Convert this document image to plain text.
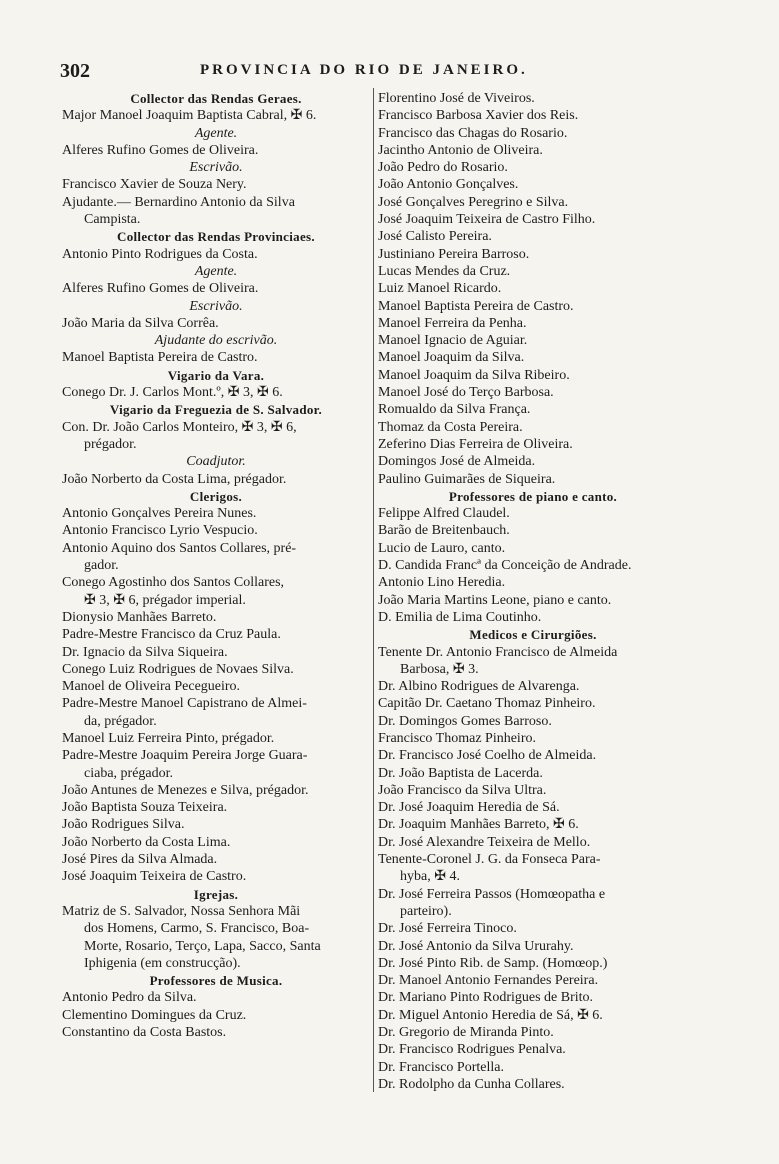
302	PROVINCIA DO RIO DE JANEIRO.
Collector das Rendas Geraes.
Major Manoel Joaquim Baptista Cabral, ✠ 6.
Agente.
Alferes Rufino Gomes de Oliveira.
Escrivão.
Francisco Xavier de Souza Nery.
Ajudante.— Bernardino Antonio da Silva
Campista.
Collector das Rendas Provinciaes.
Antonio Pinto Rodrigues da Costa.
Agente.
Alferes Rufino Gomes de Oliveira.
Escrivão.
João Maria da Silva Corrêa.
Ajudante do escrivão.
Manoel Baptista Pereira de Castro.
Vigario da Vara.
Conego Dr. J. Carlos Mont.º, ✠ 3, ✠ 6.
Vigario da Freguezia de S. Salvador.
Con. Dr. João Carlos Monteiro, ✠ 3, ✠ 6,
prégador.
Coadjutor.
João Norberto da Costa Lima, prégador.
Clerigos.
Antonio Gonçalves Pereira Nunes.
Antonio Francisco Lyrio Vespucio.
Antonio Aquino dos Santos Collares, pré-
gador.
Conego Agostinho dos Santos Collares,
✠ 3, ✠ 6, prégador imperial.
Dionysio Manhães Barreto.
Padre-Mestre Francisco da Cruz Paula.
Dr. Ignacio da Silva Siqueira.
Conego Luiz Rodrigues de Novaes Silva.
Manoel de Oliveira Pecegueiro.
Padre-Mestre Manoel Capistrano de Almei-
da, prégador.
Manoel Luiz Ferreira Pinto, prégador.
Padre-Mestre Joaquim Pereira Jorge Guara-
ciaba, prégador.
João Antunes de Menezes e Silva, prégador.
João Baptista Souza Teixeira.
João Rodrigues Silva.
João Norberto da Costa Lima.
José Pires da Silva Almada.
José Joaquim Teixeira de Castro.
Igrejas.
Matriz de S. Salvador, Nossa Senhora Mãi
dos Homens, Carmo, S. Francisco, Boa-
Morte, Rosario, Terço, Lapa, Sacco, Santa
Iphigenia (em construcção).
Professores de Musica.
Antonio Pedro da Silva.
Clementino Domingues da Cruz.
Constantino da Costa Bastos.
Florentino José de Viveiros.
Francisco Barbosa Xavier dos Reis.
Francisco das Chagas do Rosario.
Jacintho Antonio de Oliveira.
João Pedro do Rosario.
João Antonio Gonçalves.
José Gonçalves Peregrino e Silva.
José Joaquim Teixeira de Castro Filho.
José Calisto Pereira.
Justiniano Pereira Barroso.
Lucas Mendes da Cruz.
Luiz Manoel Ricardo.
Manoel Baptista Pereira de Castro.
Manoel Ferreira da Penha.
Manoel Ignacio de Aguiar.
Manoel Joaquim da Silva.
Manoel Joaquim da Silva Ribeiro.
Manoel José do Terço Barbosa.
Romualdo da Silva França.
Thomaz da Costa Pereira.
Zeferino Dias Ferreira de Oliveira.
Domingos José de Almeida.
Paulino Guimarães de Siqueira.
Professores de piano e canto.
Felippe Alfred Claudel.
Barão de Breitenbauch.
Lucio de Lauro, canto.
D. Candida Francª da Conceição de Andrade.
Antonio Lino Heredia.
João Maria Martins Leone, piano e canto.
D. Emilia de Lima Coutinho.
Medicos e Cirurgiões.
Tenente Dr. Antonio Francisco de Almeida
Barbosa, ✠ 3.
Dr. Albino Rodrigues de Alvarenga.
Capitão Dr. Caetano Thomaz Pinheiro.
Dr. Domingos Gomes Barroso.
Francisco Thomaz Pinheiro.
Dr. Francisco José Coelho de Almeida.
Dr. João Baptista de Lacerda.
João Francisco da Silva Ultra.
Dr. José Joaquim Heredia de Sá.
Dr. Joaquim Manhães Barreto, ✠ 6.
Dr. José Alexandre Teixeira de Mello.
Tenente-Coronel J. G. da Fonseca Para-
hyba, ✠ 4.
Dr. José Ferreira Passos (Homœopatha e
parteiro).
Dr. José Ferreira Tinoco.
Dr. José Antonio da Silva Ururahy.
Dr. José Pinto Rib. de Samp. (Homœop.)
Dr. Manoel Antonio Fernandes Pereira.
Dr. Mariano Pinto Rodrigues de Brito.
Dr. Miguel Antonio Heredia de Sá, ✠ 6.
Dr. Gregorio de Miranda Pinto.
Dr. Francisco Rodrigues Penalva.
Dr. Francisco Portella.
Dr. Rodolpho da Cunha Collares.
